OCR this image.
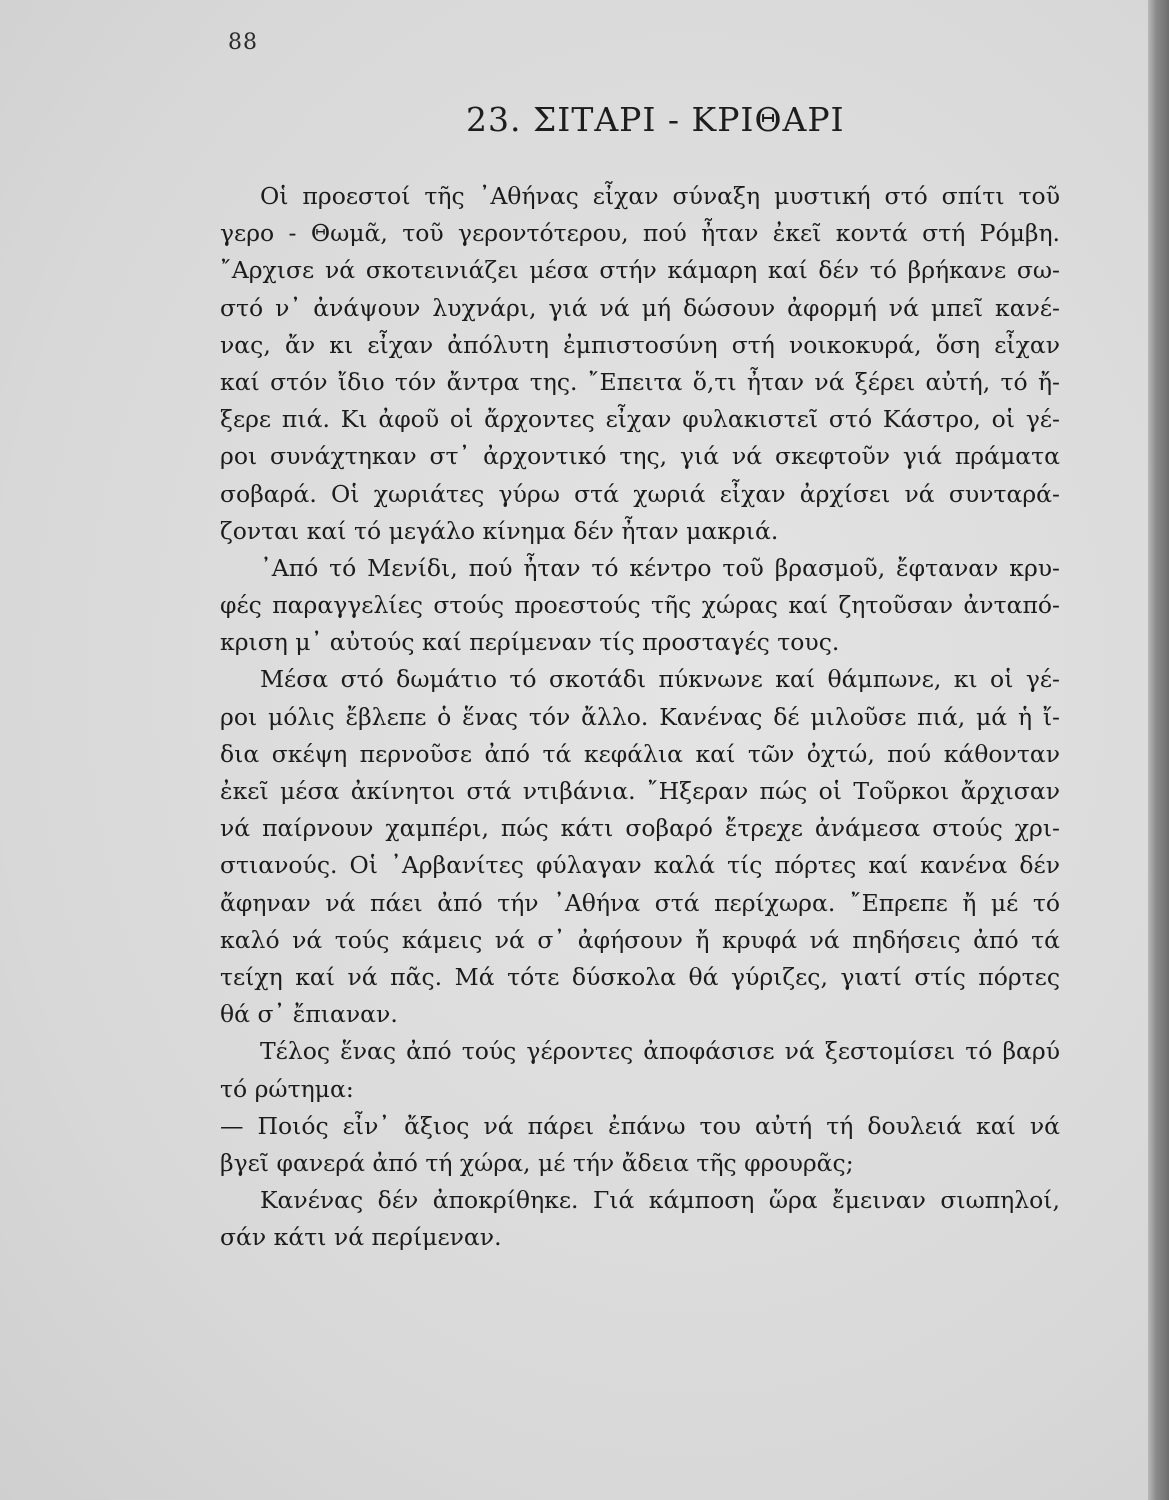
88
23. ΣΙΤΑΡΙ - ΚΡΙΘΑΡΙ
Οἱ προεστοί τῆς ᾿Αθήνας εἶχαν σύναξη μυστική στό σπίτι τοῦ
γερο - Θωμᾶ, τοῦ γεροντότερου, πού ἦταν ἐκεῖ κοντά στή Ρόμβη.
῎Αρχισε νά σκοτεινιάζει μέσα στήν κάμαρη καί δέν τό βρήκανε σω-
στό ν᾿ ἀνάψουν λυχνάρι, γιά νά μή δώσουν ἀφορμή νά μπεῖ κανέ-
νας, ἄν κι εἶχαν ἀπόλυτη ἐμπιστοσύνη στή νοικοκυρά, ὅση εἶχαν
καί στόν ἴδιο τόν ἄντρα της. ῎Επειτα ὅ,τι ἦταν νά ξέρει αὐτή, τό ἤ-
ξερε πιά. Κι ἀφοῦ οἱ ἄρχοντες εἶχαν φυλακιστεῖ στό Κάστρο, οἱ γέ-
ροι συνάχτηκαν στ᾿ ἀρχοντικό της, γιά νά σκεφτοῦν γιά πράματα
σοβαρά. Οἱ χωριάτες γύρω στά χωριά εἶχαν ἀρχίσει νά συνταρά-
ζονται καί τό μεγάλο κίνημα δέν ἦταν μακριά.
᾿Από τό Μενίδι, πού ἦταν τό κέντρο τοῦ βρασμοῦ, ἔφταναν κρυ-
φές παραγγελίες στούς προεστούς τῆς χώρας καί ζητοῦσαν ἀνταπό-
κριση μ᾿ αὐτούς καί περίμεναν τίς προσταγές τους.
Μέσα στό δωμάτιο τό σκοτάδι πύκνωνε καί θάμπωνε, κι οἱ γέ-
ροι μόλις ἔβλεπε ὁ ἕνας τόν ἄλλο. Κανένας δέ μιλοῦσε πιά, μά ἡ ἴ-
δια σκέψη περνοῦσε ἀπό τά κεφάλια καί τῶν ὀχτώ, πού κάθονταν
ἐκεῖ μέσα ἀκίνητοι στά ντιβάνια. ῎Ηξεραν πώς οἱ Τοῦρκοι ἄρχισαν
νά παίρνουν χαμπέρι, πώς κάτι σοβαρό ἔτρεχε ἀνάμεσα στούς χρι-
στιανούς. Οἱ ᾿Αρβανίτες φύλαγαν καλά τίς πόρτες καί κανένα δέν
ἄφηναν νά πάει ἀπό τήν ᾿Αθήνα στά περίχωρα. ῎Επρεπε ἤ μέ τό
καλό νά τούς κάμεις νά σ᾿ ἀφήσουν ἤ κρυφά νά πηδήσεις ἀπό τά
τείχη καί νά πᾶς. Μά τότε δύσκολα θά γύριζες, γιατί στίς πόρτες
θά σ᾿ ἔπιαναν.
Τέλος ἕνας ἀπό τούς γέροντες ἀποφάσισε νά ξεστομίσει τό βαρύ
τό ρώτημα:
— Ποιός εἶν᾿ ἄξιος νά πάρει ἐπάνω του αὐτή τή δουλειά καί νά
βγεῖ φανερά ἀπό τή χώρα, μέ τήν ἄδεια τῆς φρουρᾶς;
Κανένας δέν ἀποκρίθηκε. Γιά κάμποση ὥρα ἔμειναν σιωπηλοί,
σάν κάτι νά περίμεναν.
